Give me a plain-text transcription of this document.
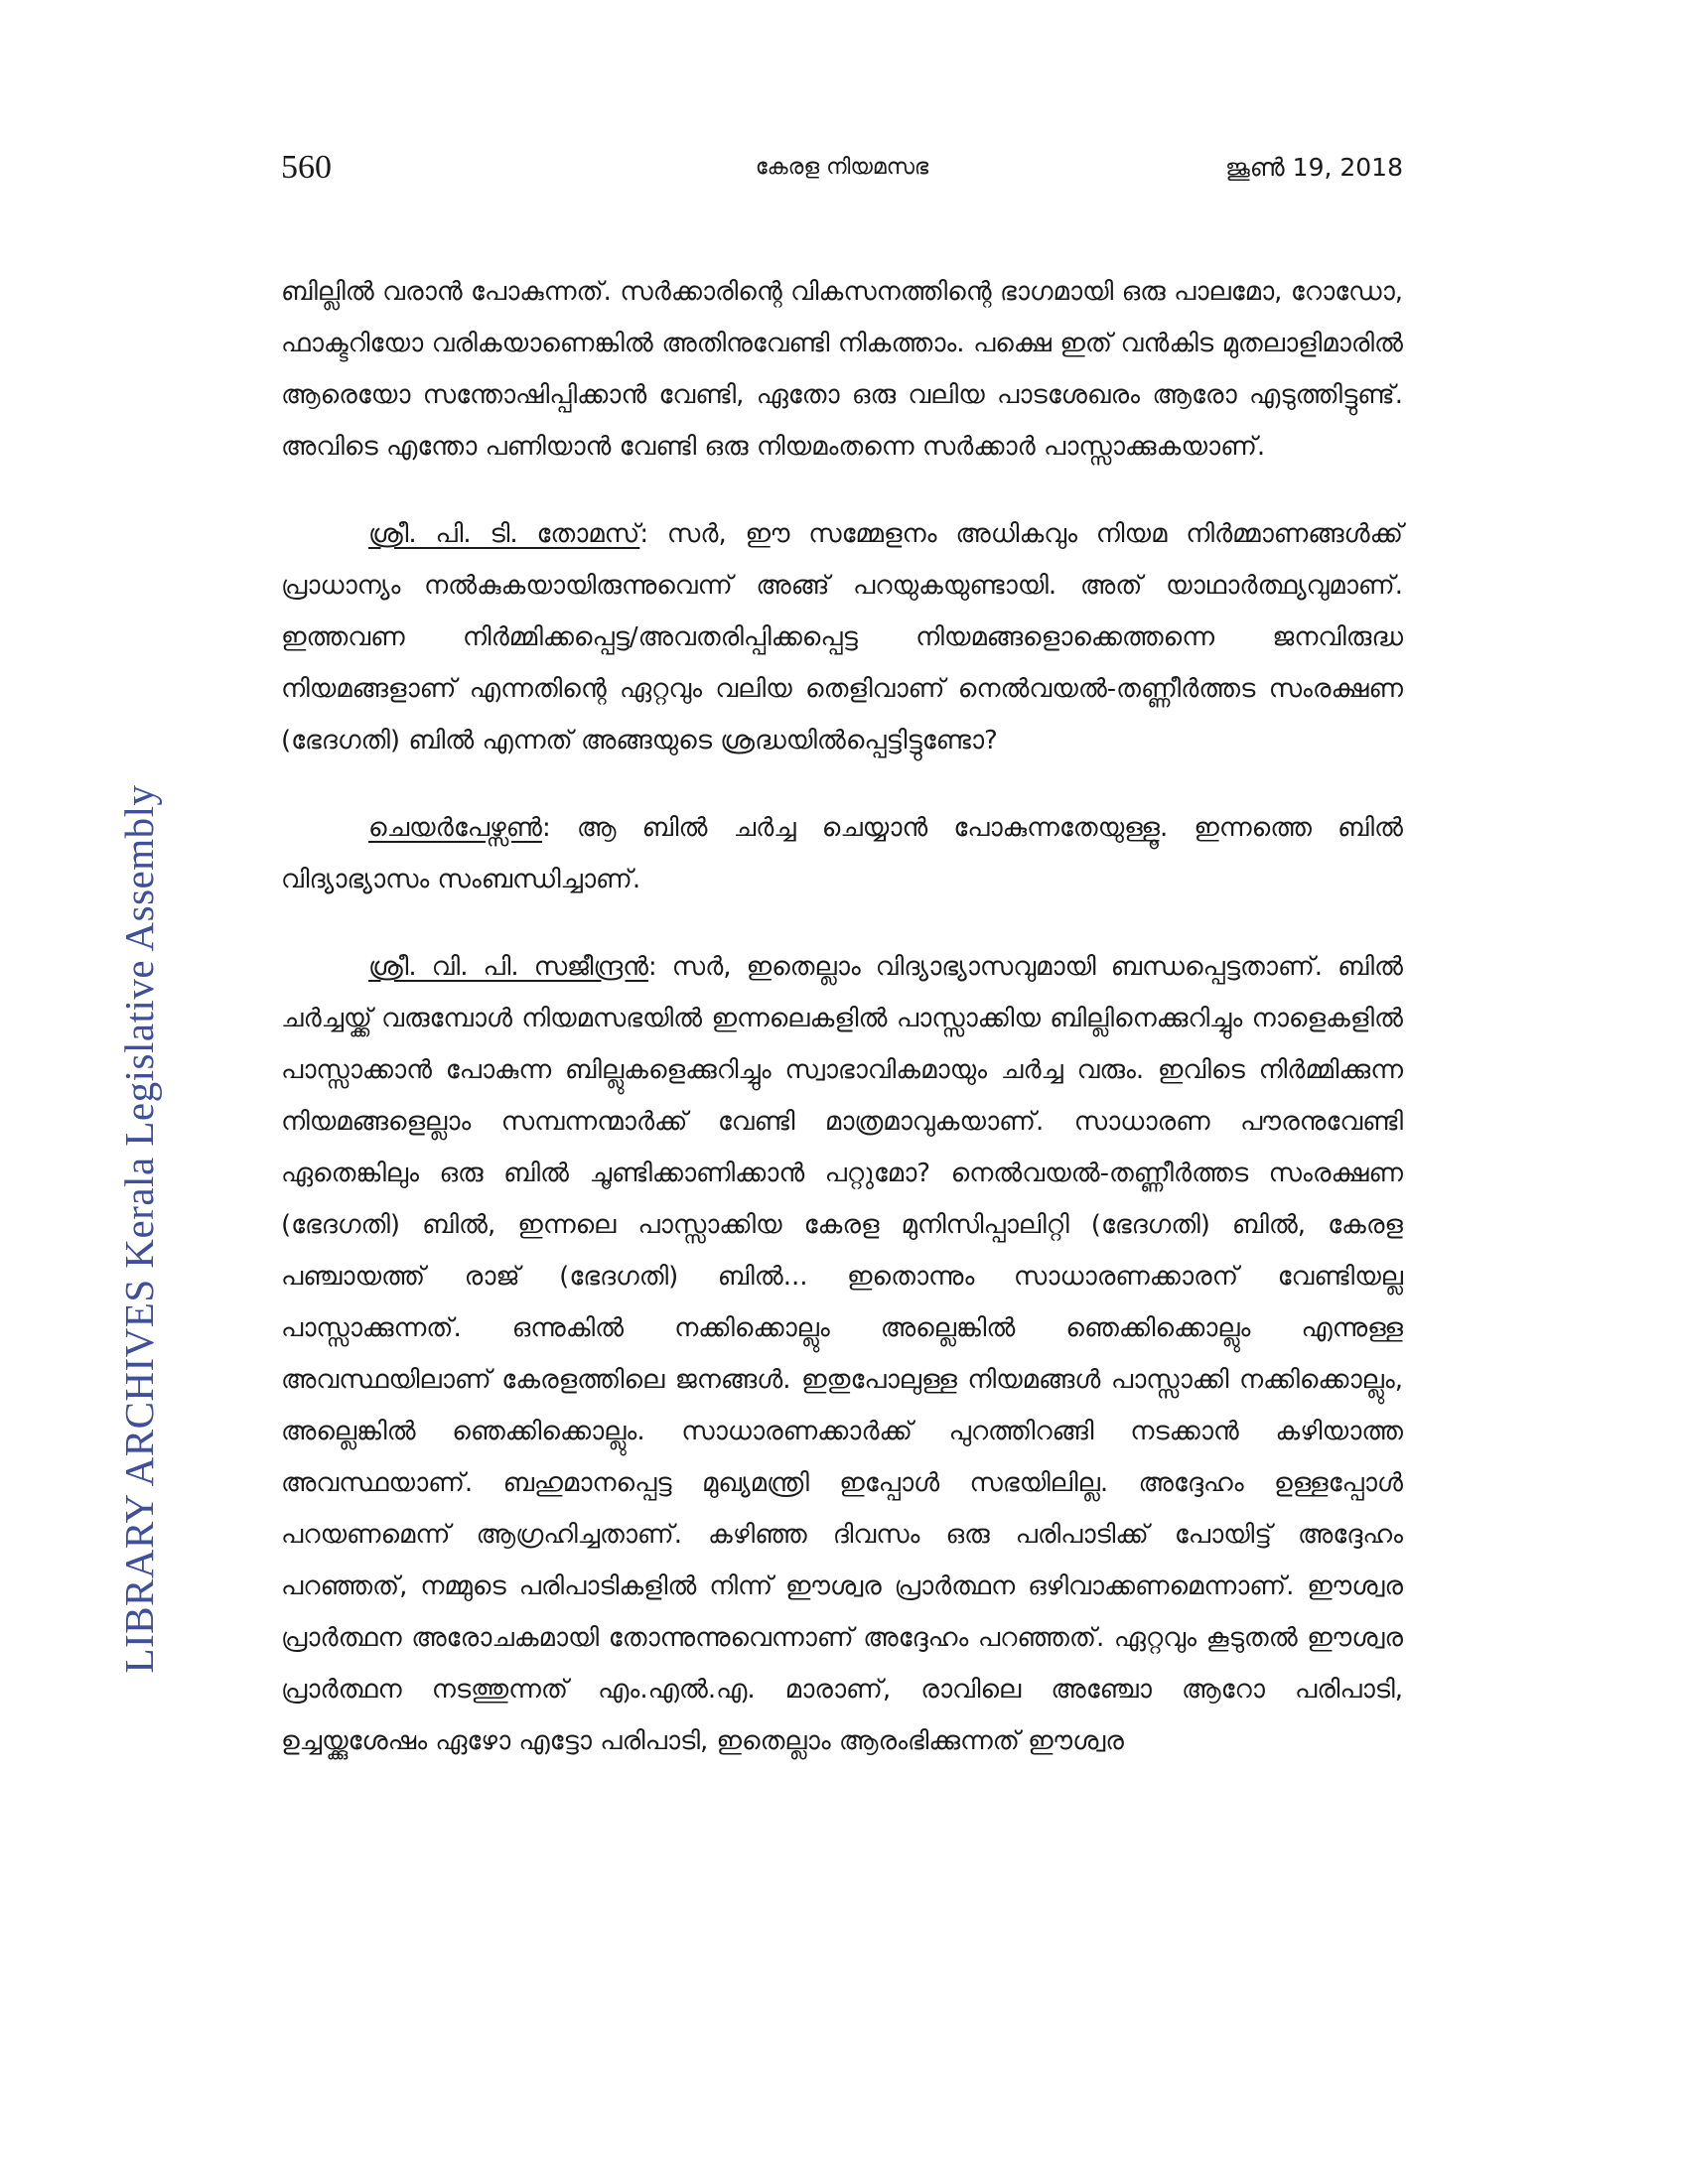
560	കേരള നിയമസഭ	ജൂൺ 19, 2018
LIBRARY ARCHIVES Kerala Legislative Assembly

ബില്ലിൽ വരാൻ പോകുന്നത്. സർക്കാരിന്റെ വികസനത്തിന്റെ ഭാഗമായി ഒരു പാലമോ, റോഡോ, ഫാക്ടറിയോ വരികയാണെങ്കിൽ അതിനുവേണ്ടി നികത്താം. പക്ഷെ ഇത് വൻകിട മുതലാളിമാരിൽ ആരെയോ സന്തോഷിപ്പിക്കാൻ വേണ്ടി, ഏതോ ഒരു വലിയ പാടശേഖരം ആരോ എടുത്തിട്ടുണ്ട്. അവിടെ എന്തോ പണിയാൻ വേണ്ടി ഒരു നിയമംതന്നെ സർക്കാർ പാസ്സാക്കുകയാണ്.

ശ്രീ. പി. ടി. തോമസ്: സർ, ഈ സമ്മേളനം അധികവും നിയമ നിർമ്മാണങ്ങൾക്ക് പ്രാധാന്യം നൽകുകയായിരുന്നുവെന്ന് അങ്ങ് പറയുകയുണ്ടായി. അത് യാഥാർത്ഥ്യവുമാണ്. ഇത്തവണ നിർമ്മിക്കപ്പെട്ട/അവതരിപ്പിക്കപ്പെട്ട നിയമങ്ങളൊക്കെത്തന്നെ ജനവിരുദ്ധ നിയമങ്ങളാണ് എന്നതിന്റെ ഏറ്റവും വലിയ തെളിവാണ് നെൽവയൽ-തണ്ണീർത്തട സംരക്ഷണ (ഭേദഗതി) ബിൽ എന്നത് അങ്ങയുടെ ശ്രദ്ധയിൽപ്പെട്ടിട്ടുണ്ടോ?

ചെയർപേഴ്സൺ: ആ ബിൽ ചർച്ച ചെയ്യാൻ പോകുന്നതേയുള്ളൂ. ഇന്നത്തെ ബിൽ വിദ്യാഭ്യാസം സംബന്ധിച്ചാണ്.

ശ്രീ. വി. പി. സജീന്ദ്രൻ: സർ, ഇതെല്ലാം വിദ്യാഭ്യാസവുമായി ബന്ധപ്പെട്ടതാണ്. ബിൽ ചർച്ചയ്ക്ക് വരുമ്പോൾ നിയമസഭയിൽ ഇന്നലെകളിൽ പാസ്സാക്കിയ ബില്ലിനെക്കുറിച്ചും നാളെകളിൽ പാസ്സാക്കാൻ പോകുന്ന ബില്ലുകളെക്കുറിച്ചും സ്വാഭാവികമായും ചർച്ച വരും. ഇവിടെ നിർമ്മിക്കുന്ന നിയമങ്ങളെല്ലാം സമ്പന്നന്മാർക്ക് വേണ്ടി മാത്രമാവുകയാണ്. സാധാരണ പൗരനുവേണ്ടി ഏതെങ്കിലും ഒരു ബിൽ ചൂണ്ടിക്കാണിക്കാൻ പറ്റുമോ? നെൽവയൽ-തണ്ണീർത്തട സംരക്ഷണ (ഭേദഗതി) ബിൽ, ഇന്നലെ പാസ്സാക്കിയ കേരള മുനിസിപ്പാലിറ്റി (ഭേദഗതി) ബിൽ, കേരള പഞ്ചായത്ത് രാജ് (ഭേദഗതി) ബിൽ... ഇതൊന്നും സാധാരണക്കാരന് വേണ്ടിയല്ല പാസ്സാക്കുന്നത്. ഒന്നുകിൽ നക്കിക്കൊല്ലും അല്ലെങ്കിൽ ഞെക്കിക്കൊല്ലും എന്നുള്ള അവസ്ഥയിലാണ് കേരളത്തിലെ ജനങ്ങൾ. ഇതുപോലുള്ള നിയമങ്ങൾ പാസ്സാക്കി നക്കിക്കൊല്ലും, അല്ലെങ്കിൽ ഞെക്കിക്കൊല്ലും. സാധാരണക്കാർക്ക് പുറത്തിറങ്ങി നടക്കാൻ കഴിയാത്ത അവസ്ഥയാണ്. ബഹുമാനപ്പെട്ട മുഖ്യമന്ത്രി ഇപ്പോൾ സഭയിലില്ല. അദ്ദേഹം ഉള്ളപ്പോൾ പറയണമെന്ന് ആഗ്രഹിച്ചതാണ്. കഴിഞ്ഞ ദിവസം ഒരു പരിപാടിക്ക് പോയിട്ട് അദ്ദേഹം പറഞ്ഞത്, നമ്മുടെ പരിപാടികളിൽ നിന്ന് ഈശ്വര പ്രാർത്ഥന ഒഴിവാക്കണമെന്നാണ്. ഈശ്വര പ്രാർത്ഥന അരോചകമായി തോന്നുന്നുവെന്നാണ് അദ്ദേഹം പറഞ്ഞത്. ഏറ്റവും കൂടുതൽ ഈശ്വര പ്രാർത്ഥന നടത്തുന്നത് എം.എൽ.എ. മാരാണ്, രാവിലെ അഞ്ചോ ആറോ പരിപാടി, ഉച്ചയ്ക്കുശേഷം ഏഴോ എട്ടോ പരിപാടി, ഇതെല്ലാം ആരംഭിക്കുന്നത് ഈശ്വര
